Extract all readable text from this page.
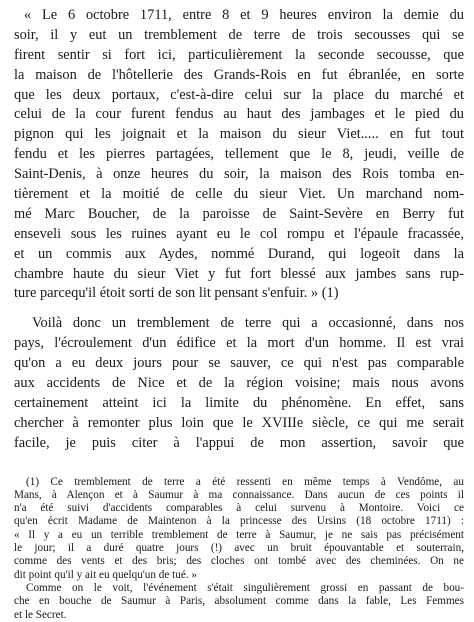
« Le 6 octobre 1711, entre 8 et 9 heures environ la demie du
soir, il y eut un tremblement de terre de trois secousses qui se
firent sentir si fort ici, particulièrement la seconde secousse, que
la maison de l'hôtellerie des Grands-Rois en fut ébranlée, en sorte
que les deux portaux, c'est-à-dire celui sur la place du marché et
celui de la cour furent fendus au haut des jambages et le pied du
pignon qui les joignait et la maison du sieur Viet..... en fut tout
fendu et les pierres partagées, tellement que le 8, jeudi, veille de
Saint-Denis, à onze heures du soir, la maison des Rois tomba en-
tièrement et la moitié de celle du sieur Viet. Un marchand nom-
mé Marc Boucher, de la paroisse de Saint-Sevère en Berry fut
enseveli sous les ruines ayant eu le col rompu et l'épaule fracassée,
et un commis aux Aydes, nommé Durand, qui logeoit dans la
chambre haute du sieur Viet y fut fort blessé aux jambes sans rup-
ture parcequ'il étoit sorti de son lit pensant s'enfuir. » (1)
Voilà donc un tremblement de terre qui a occasionné, dans nos
pays, l'écroulement d'un édifice et la mort d'un homme. Il est vrai
qu'on a eu deux jours pour se sauver, ce qui n'est pas comparable
aux accidents de Nice et de la région voisine; mais nous avons
certainement atteint ici la limite du phénomène. En effet, sans
chercher à remonter plus loin que le XVIIIe siècle, ce qui me serait
facile, je puis citer à l'appui de mon assertion, savoir que
(1) Ce tremblement de terre a été ressenti en même temps à Vendôme, au
Mans, à Alençon et à Saumur à ma connaissance. Dans aucun de ces points il
n'a été suivi d'accidents comparables à celui survenu à Montoire. Voici ce
qu'en écrit Madame de Maintenon à la princesse des Ursins (18 octobre 1711) :
« Il y a eu un terrible tremblement de terre à Saumur, je ne sais pas précisément
le jour; il a duré quatre jours (!) avec un bruit épouvantable et souterrain,
comme des vents et des bris; des cloches ont tombé avec des cheminées. On ne
dit point qu'il y ait eu quelqu'un de tué. »
Comme on le voit, l'événement s'était singulièrement grossi en passant de bou-
che en bouche de Saumur à Paris, absolument comme dans la fable, Les Femmes
et le Secret.
